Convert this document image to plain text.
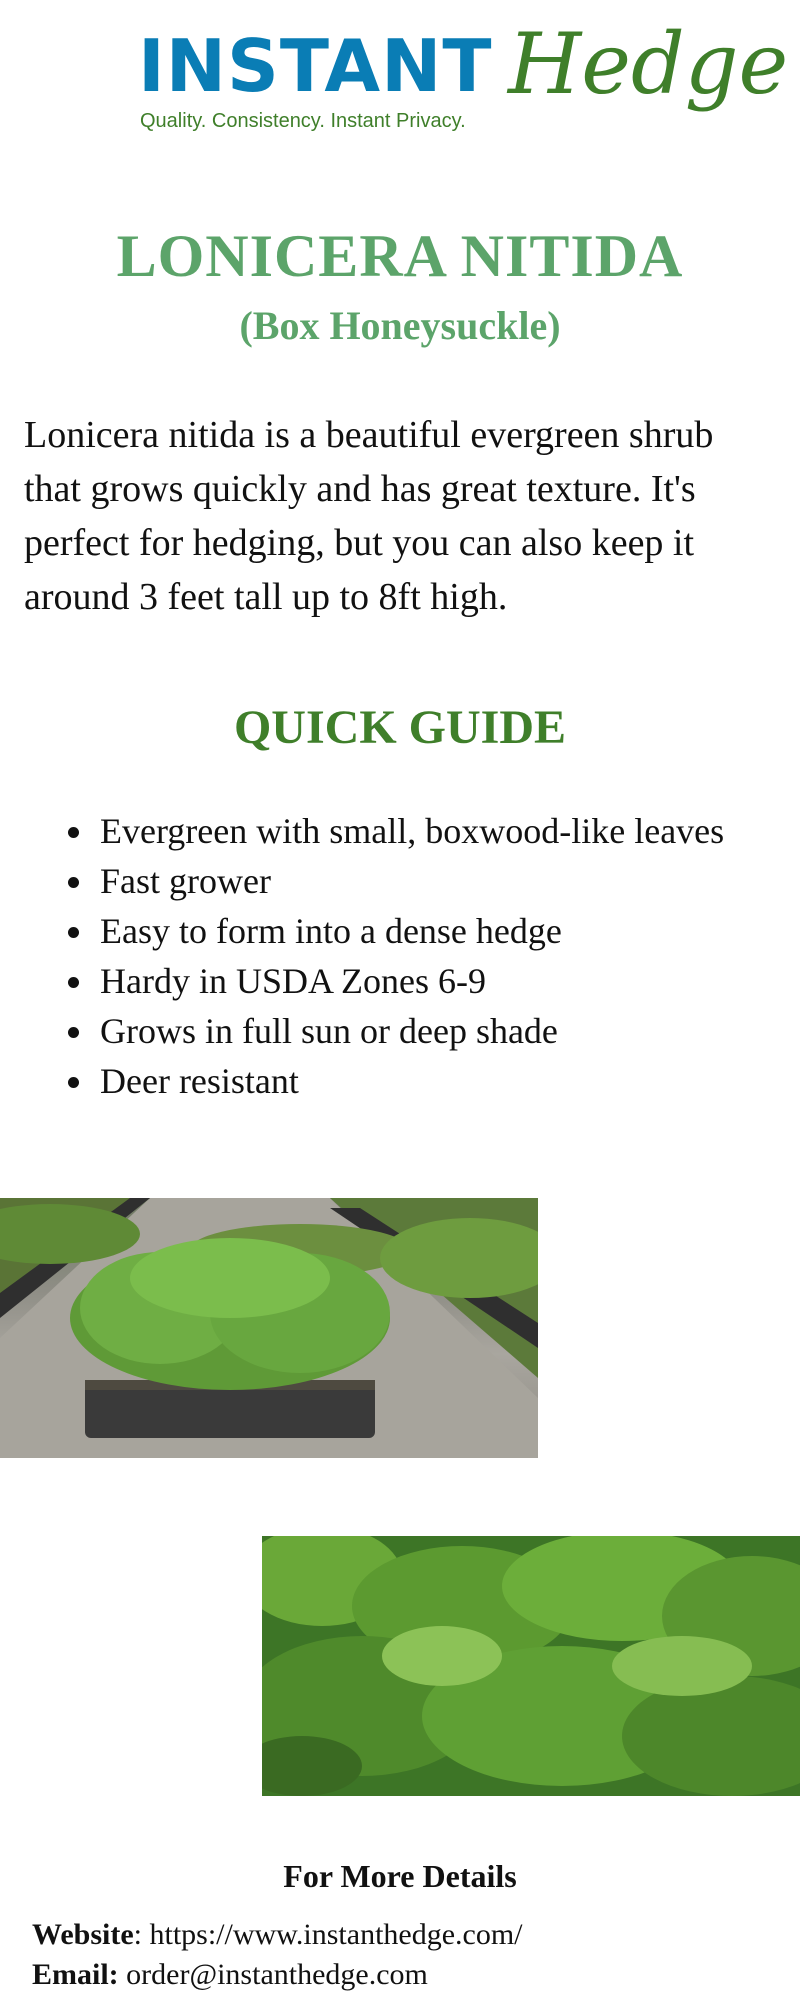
INSTANT Hedge
Quality. Consistency. Instant Privacy.
LONICERA NITIDA
(Box Honeysuckle)

Lonicera nitida is a beautiful evergreen shrub that grows quickly and has great texture. It's perfect for hedging, but you can also keep it around 3 feet tall up to 8ft high.

QUICK GUIDE
Evergreen with small, boxwood-like leaves
Fast grower
Easy to form into a dense hedge
Hardy in USDA Zones 6-9
Grows in full sun or deep shade
Deer resistant
For More Details
Website: https://www.instanthedge.com/
Email: order@instanthedge.com
